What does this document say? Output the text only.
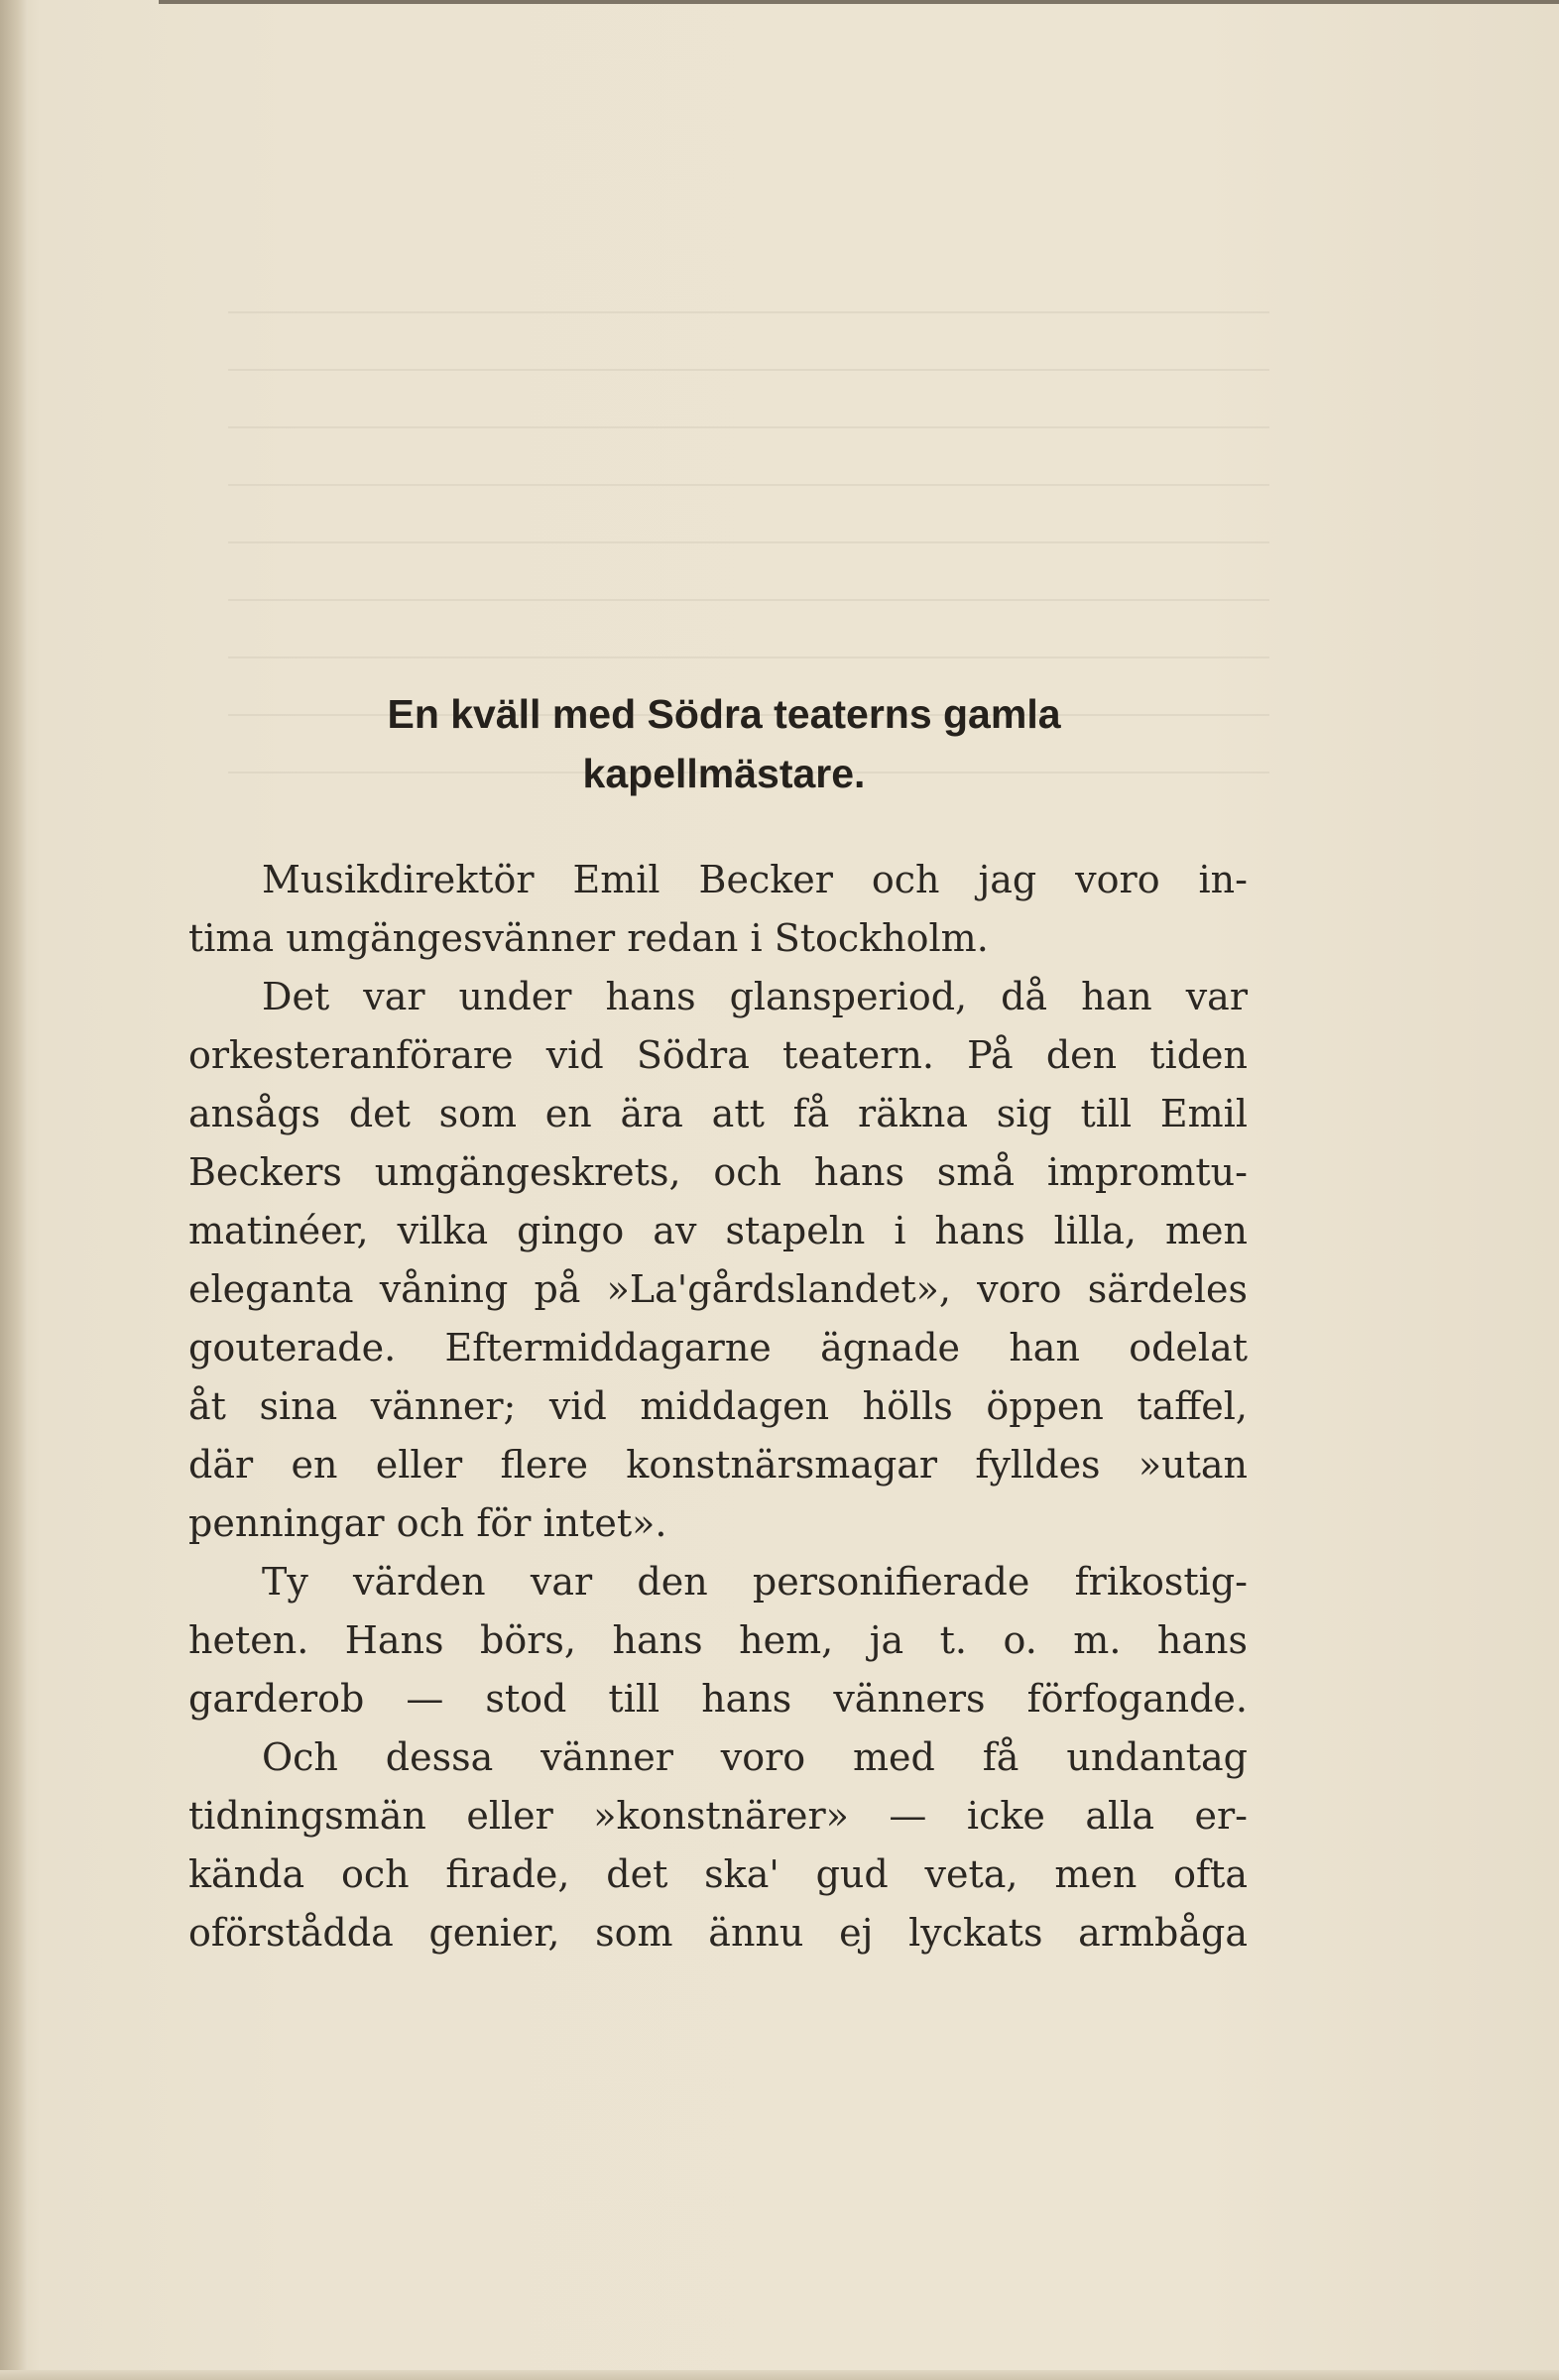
En kväll med Södra teaterns gamla
kapellmästare.
Musikdirektör Emil Becker och jag voro in-
tima umgängesvänner redan i Stockholm.
Det var under hans glansperiod, då han var
orkesteranförare vid Södra teatern. På den tiden
ansågs det som en ära att få räkna sig till Emil
Beckers umgängeskrets, och hans små impromtu-
matinéer, vilka gingo av stapeln i hans lilla, men
eleganta våning på »La'gårdslandet», voro särdeles
gouterade. Eftermiddagarne ägnade han odelat
åt sina vänner; vid middagen hölls öppen taffel,
där en eller flere konstnärsmagar fylldes »utan
penningar och för intet».
Ty värden var den personifierade frikostig-
heten. Hans börs, hans hem, ja t. o. m. hans
garderob — stod till hans vänners förfogande.
Och dessa vänner voro med få undantag
tidningsmän eller »konstnärer» — icke alla er-
kända och firade, det ska' gud veta, men ofta
oförstådda genier, som ännu ej lyckats armbåga
